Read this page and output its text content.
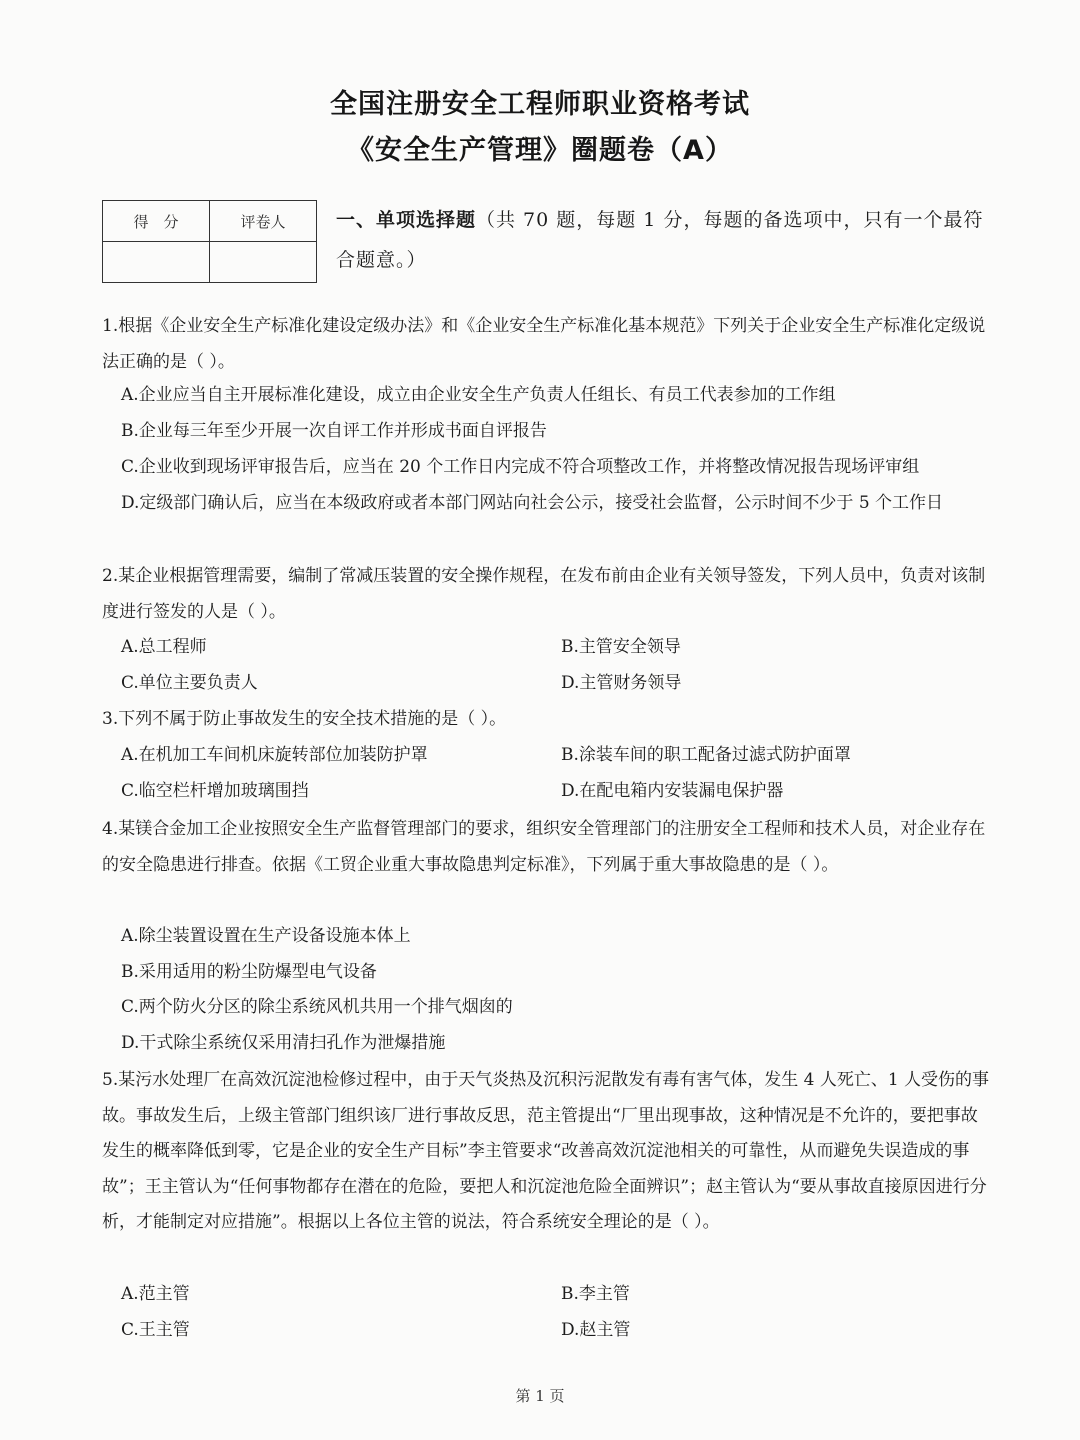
全国注册安全工程师职业资格考试
《安全生产管理》圈题卷（A）
得　分	评卷人
		一、单项选择题（共 70 题，每题 1 分，每题的备选项中，只有一个最符合题意。）
1.根据《企业安全生产标准化建设定级办法》和《企业安全生产标准化基本规范》下列关于企业安全生产标准化定级说法正确的是（ ）。
A.企业应当自主开展标准化建设，成立由企业安全生产负责人任组长、有员工代表参加的工作组
B.企业每三年至少开展一次自评工作并形成书面自评报告
C.企业收到现场评审报告后，应当在 20 个工作日内完成不符合项整改工作，并将整改情况报告现场评审组
D.定级部门确认后，应当在本级政府或者本部门网站向社会公示，接受社会监督，公示时间不少于 5 个工作日
2.某企业根据管理需要，编制了常减压装置的安全操作规程，在发布前由企业有关领导签发，下列人员中，负责对该制度进行签发的人是（ ）。
A.总工程师	B.主管安全领导
C.单位主要负责人	D.主管财务领导
3.下列不属于防止事故发生的安全技术措施的是（ ）。
A.在机加工车间机床旋转部位加装防护罩	B.涂装车间的职工配备过滤式防护面罩
C.临空栏杆增加玻璃围挡	D.在配电箱内安装漏电保护器
4.某镁合金加工企业按照安全生产监督管理部门的要求，组织安全管理部门的注册安全工程师和技术人员，对企业存在的安全隐患进行排查。依据《工贸企业重大事故隐患判定标准》，下列属于重大事故隐患的是（ ）。
A.除尘装置设置在生产设备设施本体上
B.采用适用的粉尘防爆型电气设备
C.两个防火分区的除尘系统风机共用一个排气烟囱的
D.干式除尘系统仅采用清扫孔作为泄爆措施
5.某污水处理厂在高效沉淀池检修过程中，由于天气炎热及沉积污泥散发有毒有害气体，发生 4 人死亡、1 人受伤的事故。事故发生后，上级主管部门组织该厂进行事故反思，范主管提出“厂里出现事故，这种情况是不允许的，要把事故发生的概率降低到零，它是企业的安全生产目标”李主管要求“改善高效沉淀池相关的可靠性，从而避免失误造成的事故”；王主管认为“任何事物都存在潜在的危险，要把人和沉淀池危险全面辨识”；赵主管认为“要从事故直接原因进行分析，才能制定对应措施”。根据以上各位主管的说法，符合系统安全理论的是（ ）。
A.范主管	B.李主管
C.王主管	D.赵主管
第 1 页
